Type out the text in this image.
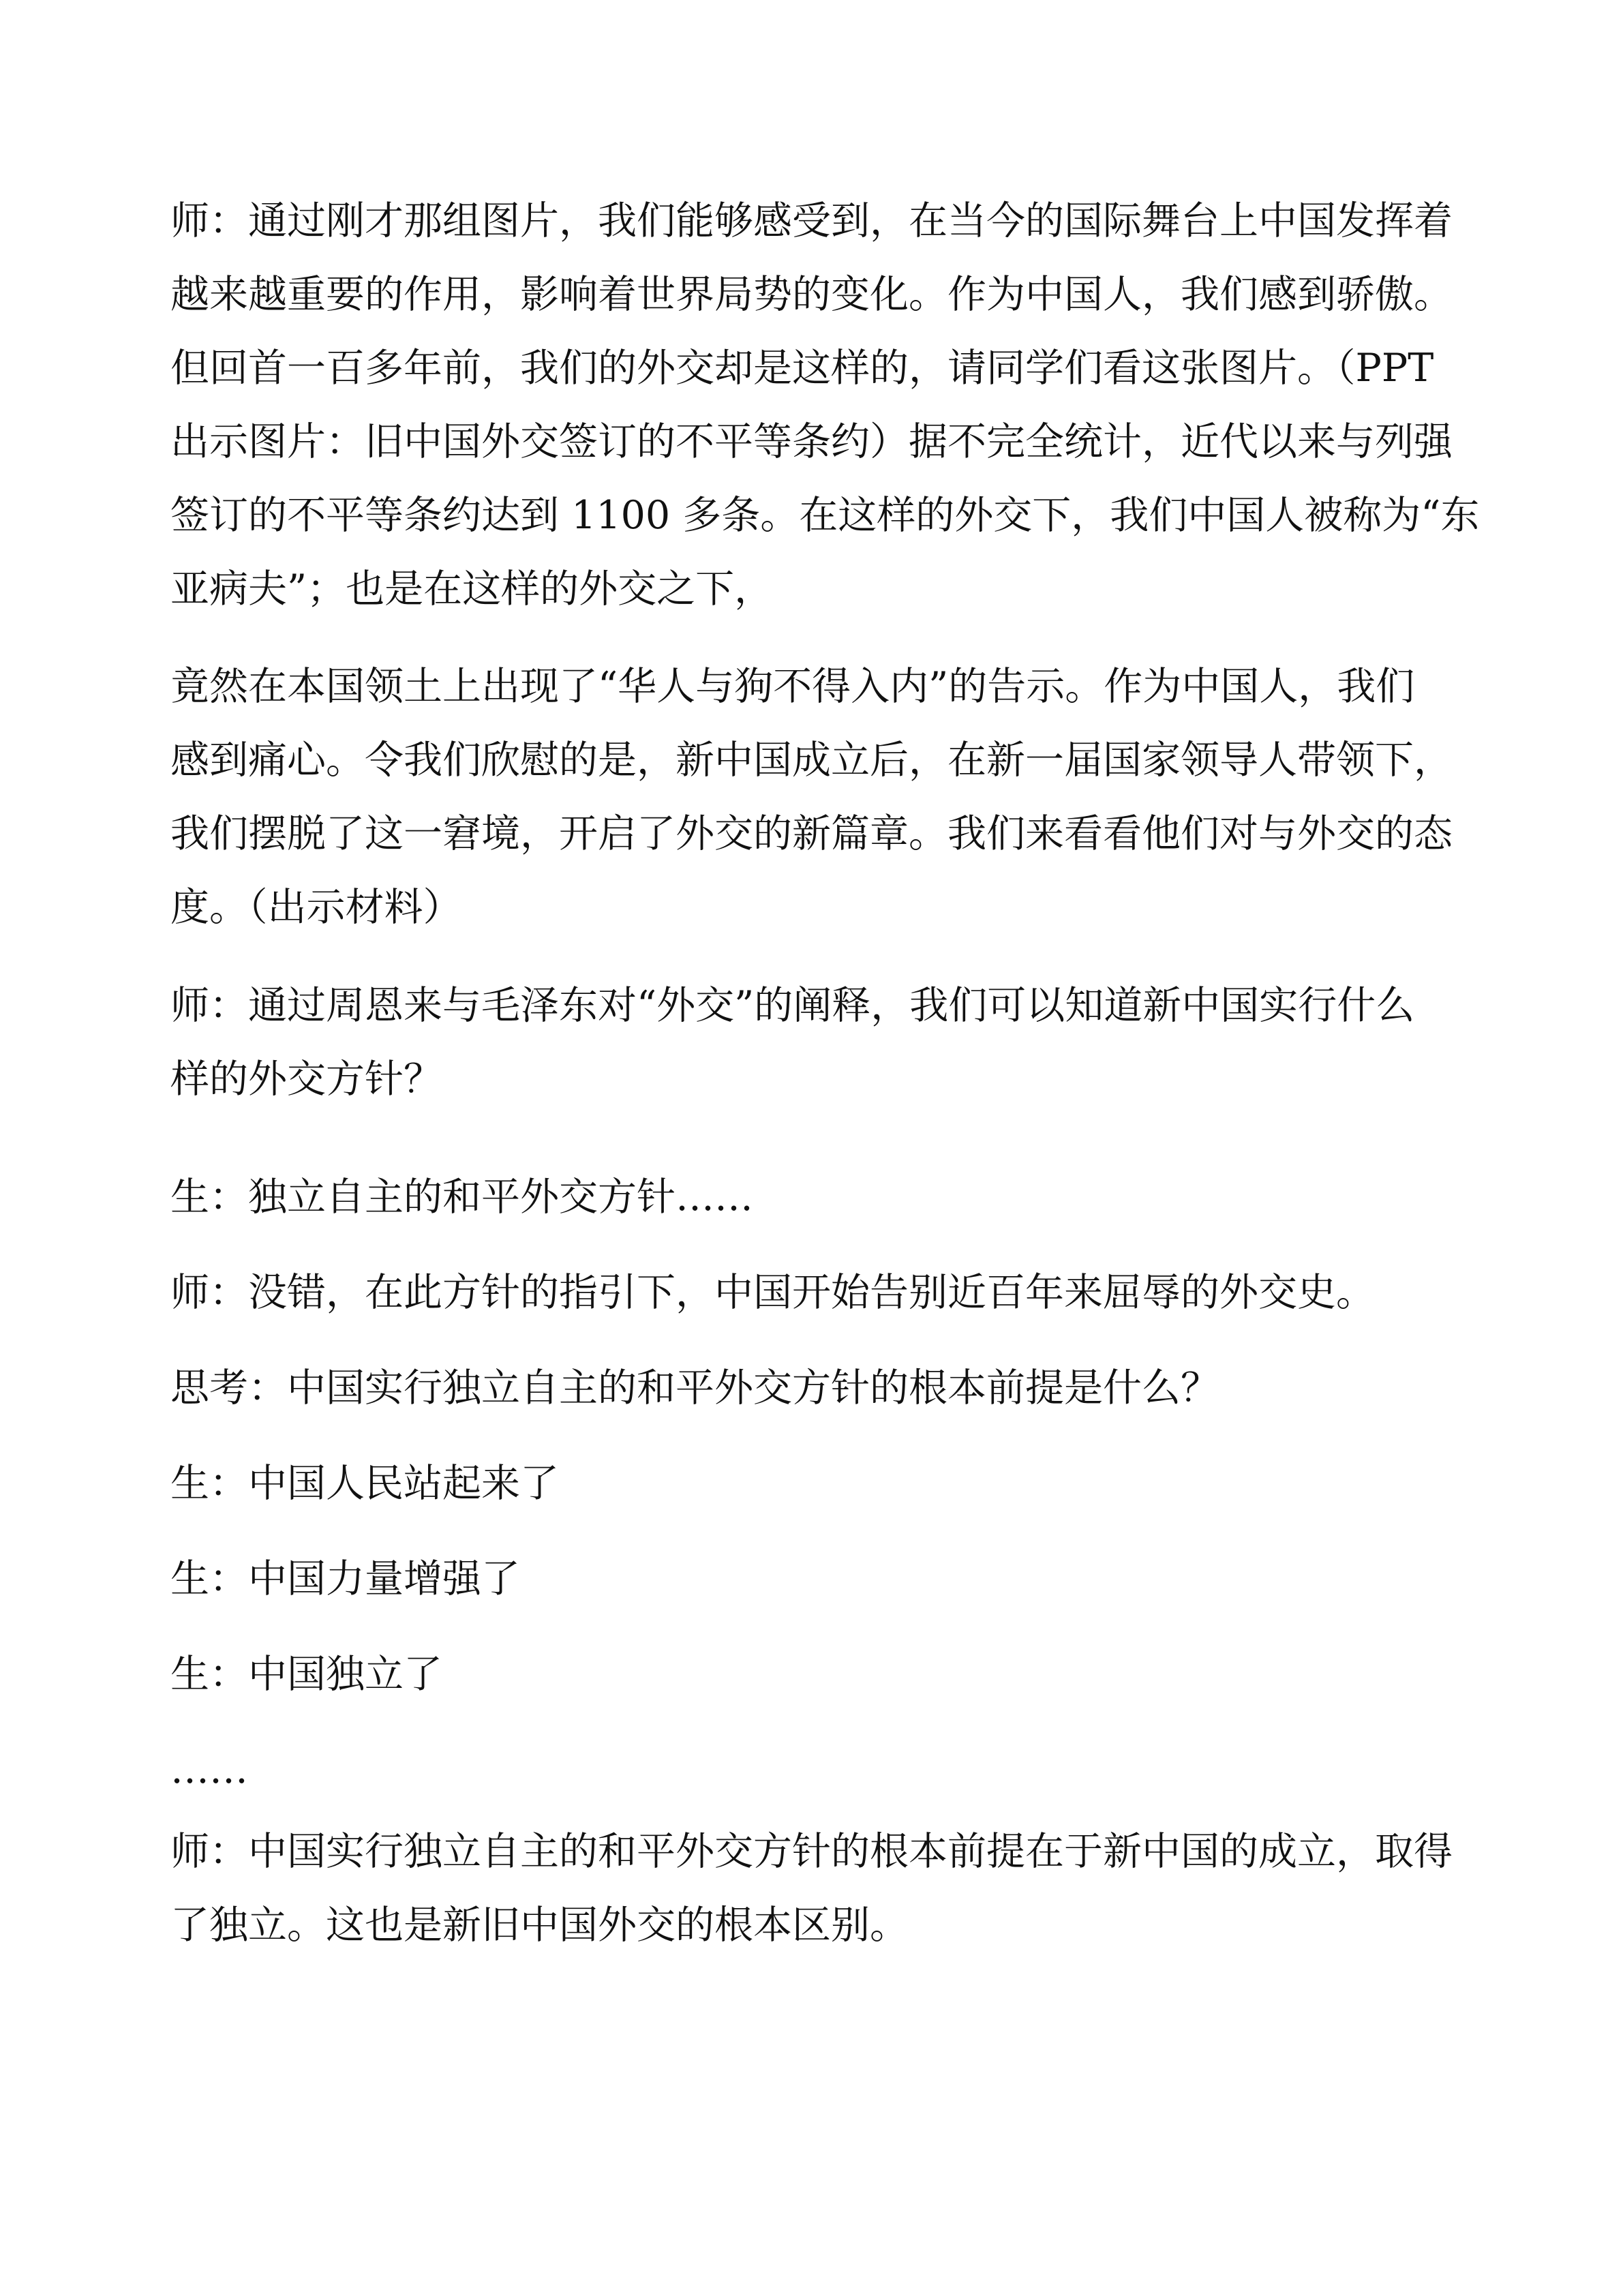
师：通过刚才那组图片，我们能够感受到，在当今的国际舞台上中国发挥着
越来越重要的作用，影响着世界局势的变化。作为中国人，我们感到骄傲。
但回首一百多年前，我们的外交却是这样的，请同学们看这张图片。（PPT
出示图片：旧中国外交签订的不平等条约）据不完全统计，近代以来与列强
签订的不平等条约达到 1100 多条。在这样的外交下，我们中国人被称为“东
亚病夫”；也是在这样的外交之下，
竟然在本国领土上出现了“华人与狗不得入内”的告示。作为中国人，我们
感到痛心。令我们欣慰的是，新中国成立后，在新一届国家领导人带领下，
我们摆脱了这一窘境，开启了外交的新篇章。我们来看看他们对与外交的态
度。（出示材料）
师：通过周恩来与毛泽东对“外交”的阐释，我们可以知道新中国实行什么
样的外交方针？
生：独立自主的和平外交方针……
师：没错，在此方针的指引下，中国开始告别近百年来屈辱的外交史。
思考：中国实行独立自主的和平外交方针的根本前提是什么？
生：中国人民站起来了
生：中国力量增强了
生：中国独立了
……
师：中国实行独立自主的和平外交方针的根本前提在于新中国的成立，取得
了独立。这也是新旧中国外交的根本区别。
